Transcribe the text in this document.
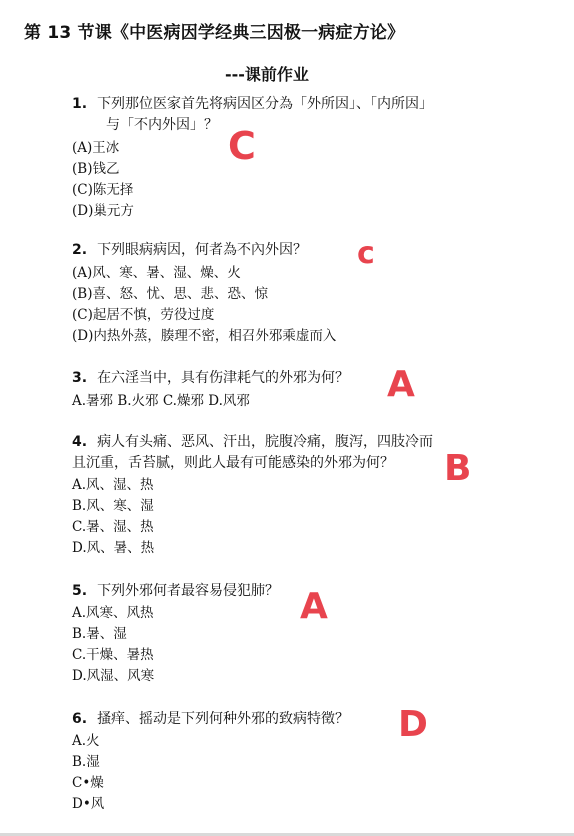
第 13 节课《中医病因学经典三因极一病症方论》
---课前作业
1. 下列那位医家首先将病因区分為「外所因」、「内所因」
与「不内外因」？
(A)王冰
(B)钱乙
(C)陈无择
(D)巢元方
C
2. 下列眼病病因，何者為不內外因？
(A)风、寒、暑、湿、燥、火
(B)喜、怒、忧、思、悲、恐、惊
(C)起居不慎，劳役过度
(D)内热外蒸，腠理不密，相召外邪乘虚而入
c
3. 在六淫当中，具有伤津耗气的外邪为何？
A.暑邪 B.火邪 C.燥邪 D.风邪	A
4. 病人有头痛、恶风、汗出，脘腹冷痛，腹泻，四肢冷而
且沉重，舌苔腻，则此人最有可能感染的外邪为何？
A.风、湿、热
B.风、寒、湿
C.暑、湿、热
D.风、暑、热
B
5. 下列外邪何者最容易侵犯肺？
A.风寒、风热
B.暑、湿
C.干燥、暑热
D.风湿、风寒
A
6. 搔痒、摇动是下列何种外邪的致病特徵？
A.火
B.湿
C•燥
D•风
D
